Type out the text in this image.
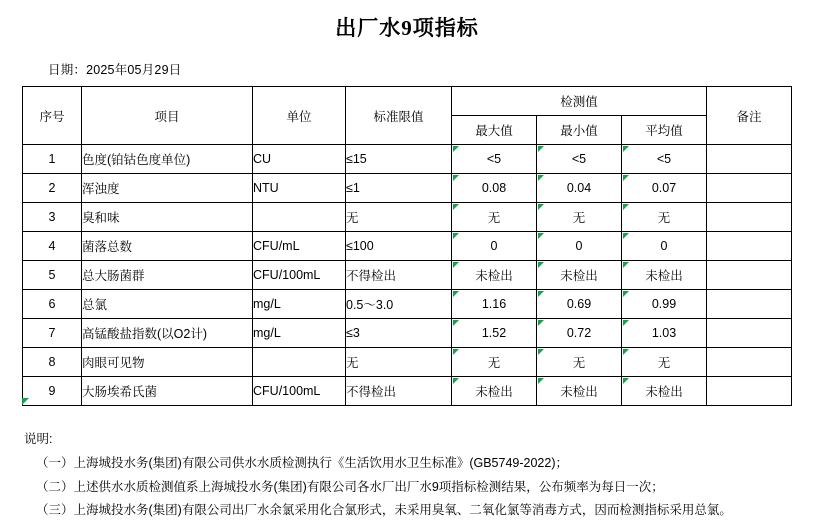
出厂水9项指标
日期：2025年05月29日
序号	项目	单位	标准限值	检测值			备注
				最大值	最小值	平均值	
1	色度(铂钴色度单位)	CU	≤15	<5	<5	<5	
2	浑浊度	NTU	≤1	0.08	0.04	0.07	
3	臭和味		无	无	无	无	
4	菌落总数	CFU/mL	≤100	0	0	0	
5	总大肠菌群	CFU/100mL	不得检出	未检出	未检出	未检出	
6	总氯	mg/L	0.5～3.0	1.16	0.69	0.99	
7	高锰酸盐指数(以O2计)	mg/L	≤3	1.52	0.72	1.03	
8	肉眼可见物		无	无	无	无	
9	大肠埃希氏菌	CFU/100mL	不得检出	未检出	未检出	未检出	
说明:
（一）上海城投水务(集团)有限公司供水水质检测执行《生活饮用水卫生标准》(GB5749-2022)；
（二）上述供水水质检测值系上海城投水务(集团)有限公司各水厂出厂水9项指标检测结果，公布频率为每日一次；
（三）上海城投水务(集团)有限公司出厂水余氯采用化合氯形式，未采用臭氧、二氧化氯等消毒方式，因而检测指标采用总氯。
